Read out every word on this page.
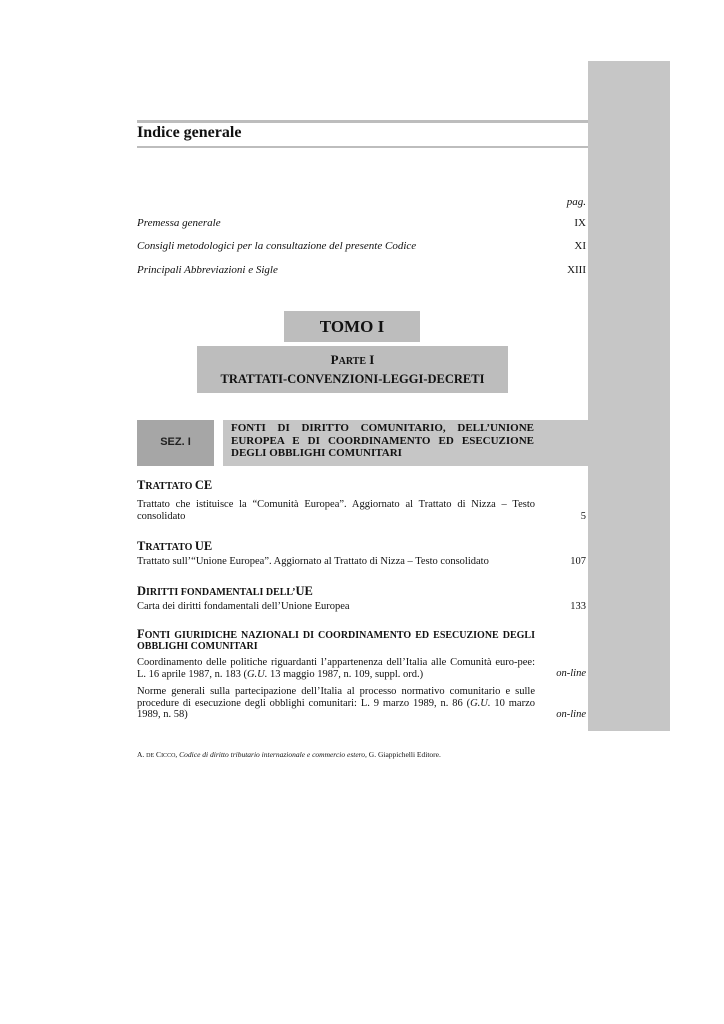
Indice generale
pag.
Premessa generale	IX
Consigli metodologici per la consultazione del presente Codice	XI
Principali Abbreviazioni e Sigle	XIII
TOMO I
PARTE I
TRATTATI-CONVENZIONI-LEGGI-DECRETI
SEZ. I
FONTI DI DIRITTO COMUNITARIO, DELL’UNIONE EUROPEA E DI COORDINAMENTO ED ESECUZIONE DEGLI OBBLIGHI COMUNITARI
TRATTATO CE
Trattato che istituisce la “Comunità Europea”. Aggiornato al Trattato di Nizza – Testo consolidato	5
TRATTATO UE
Trattato sull’“Unione Europea”. Aggiornato al Trattato di Nizza – Testo consolidato	107
DIRITTI FONDAMENTALI DELL’UE
Carta dei diritti fondamentali dell’Unione Europea	133
FONTI GIURIDICHE NAZIONALI DI COORDINAMENTO ED ESECUZIONE DEGLI OBBLIGHI COMUNITARI
Coordinamento delle politiche riguardanti l’appartenenza dell’Italia alle Comunità euro-pee: L. 16 aprile 1987, n. 183 (G.U. 13 maggio 1987, n. 109, suppl. ord.)	on-line
Norme generali sulla partecipazione dell’Italia al processo normativo comunitario e sulle procedure di esecuzione degli obblighi comunitari: L. 9 marzo 1989, n. 86 (G.U. 10 marzo 1989, n. 58)	on-line
A. DE CICCO, Codice di diritto tributario internazionale e commercio estero, G. Giappichelli Editore.
